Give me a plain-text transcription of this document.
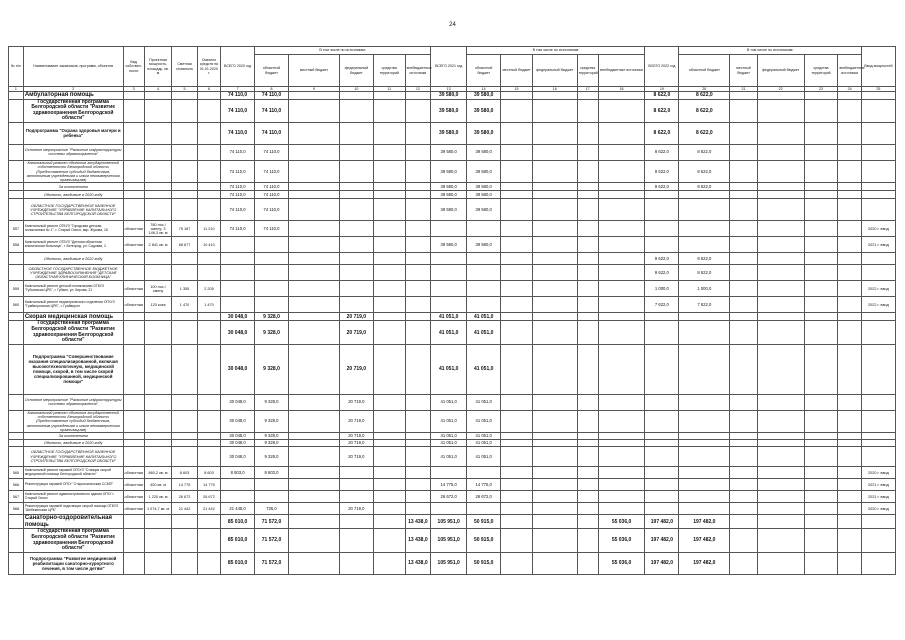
24
№ п/п	Наименование заказчиков, программ, объектов	Вид собствен-ности	Проектная мощность, площадь, кв. м	Сметная стоимость	Освоено средств на 01.01.2020 г.	ВСЕГО 2020 год	В том числе по источникам:					ВСЕГО 2021 год	В том числе по источникам:					ВСЕГО 2022 год	В том числе по источникам:					Ввод мощностей
							областной бюджет	местный бюджет	федеральный бюджет	средства территорий	внебюджетные источники		областной бюджет	местный бюджет	федеральный бюджет	средства территорий	внебюджетные источники		областной бюджет	местный бюджет	федеральный бюджет	средства территорий	внебюджетные источники	
1	2	3	4	5	6	7	8	9	10	11	12	13	14	15	16	17	18	19	20	21	22	23	24	25
	Амбулаторная помощь					74 110,0	74 110,0					39 580,0	39 580,0					8 622,0	8 622,0					
	Государственная программа Белгородской области "Развитие здравоохранения Белгородской области"					74 110,0	74 110,0					39 580,0	39 580,0					8 622,0	8 622,0					
	Подпрограмма "Охрана здоровья матери и ребенка"					74 110,0	74 110,0					39 580,0	39 580,0					8 622,0	8 622,0					
	Основное мероприятие "Развитие инфраструктуры системы здравоохранения"					74 110,0	74 110,0					39 580,0	39 580,0					8 622,0	8 622,0					
	Капитальный ремонт объектов государственной собственности Белгородской области (Предоставление субсидий бюджетным, автономным учреждениям и иным некоммерческим организациям)					74 110,0	74 110,0					39 580,0	39 580,0					8 622,0	8 622,0					
	За исключением					74 110,0	74 110,0					39 580,0	39 580,0					8 622,0	8 622,0					
	Объекты, вводимые в 2020 году					74 110,0	74 110,0					39 580,0	39 580,0											
	ОБЛАСТНОЕ ГОСУДАРСТВЕННОЕ КАЗЕННОЕ УЧРЕЖДЕНИЕ "УПРАВЛЕНИЕ КАПИТАЛЬНОГО СТРОИТЕЛЬСТВА БЕЛГОРОДСКОЙ ОБЛАСТИ"					74 110,0	74 110,0					39 580,0	39 580,0											
557	Капитальный ремонт ОГБУЗ "Городская детская поликлиника № 1", г. Старый Оскол, мкр. Жукова, 18	областная	780 пос./смену; 3 146,3 кв. м	75 187	11 210	74 110,0	74 110,0																	2020 г. ввод
558	Капитальный ремонт ОГБУЗ "Детская областная клиническая больница", г. Белгород, ул. Садовая, 2	областная	2 841 кв. м	68 677	10 410							39 580,0	39 580,0											2021 г. ввод
	Объекты, вводимые в 2022 году																	8 622,0	8 622,0					
	ОБЛАСТНОЕ ГОСУДАРСТВЕННОЕ БЮДЖЕТНОЕ УЧРЕЖДЕНИЕ ЗДРАВООХРАНЕНИЯ "ДЕТСКАЯ ОБЛАСТНАЯ КЛИНИЧЕСКАЯ БОЛЬНИЦА"																	8 622,0	8 622,0					
559	Капитальный ремонт детской поликлиники ОГБУЗ "Губкинская ЦРБ", г. Губкин, ул. Кирова, 21	областная	100 пос./смену	1 355	2 205													1 000,0	1 000,0					2022 г. ввод
560	Капитальный ремонт педиатрического отделения ОГБУЗ "Грайворонская ЦРБ", г. Грайворон	областная	120 коек	1 470	1 470													7 622,0	7 622,0					2022 г. ввод
	Скорая медицинская помощь					30 048,0	9 328,0		20 719,0			41 051,0	41 051,0											
	Государственная программа Белгородской области "Развитие здравоохранения Белгородской области"					30 048,0	9 328,0		20 719,0			41 051,0	41 051,0											
	Подпрограмма "Совершенствование оказания специализированной, включая высокотехнологичную, медицинской помощи, скорой, в том числе скорой специализированной, медицинской помощи"					30 048,0	9 328,0		20 719,0			41 051,0	41 051,0											
	Основное мероприятие "Развитие инфраструктуры системы здравоохранения"					30 048,0	9 328,0		20 719,0			41 051,0	41 051,0											
	Капитальный ремонт объектов государственной собственности Белгородской области (Предоставление субсидий бюджетным, автономным учреждениям и иным некоммерческим организациям)					30 048,0	9 328,0		20 719,0			41 051,0	41 051,0											
	За исключением					30 048,0	9 328,0		20 719,0			41 051,0	41 051,0											
	Объекты, вводимые в 2020 году					30 048,0	9 328,0		20 719,0			41 051,0	41 051,0											
	ОБЛАСТНОЕ ГОСУДАРСТВЕННОЕ КАЗЕННОЕ УЧРЕЖДЕНИЕ "УПРАВЛЕНИЕ КАПИТАЛЬНОГО СТРОИТЕЛЬСТВА БЕЛГОРОДСКОЙ ОБЛАСТИ"					30 048,0	9 328,0		20 719,0			41 051,0	41 051,0											
565	Капитальный ремонт гаражей ОГБУЗ "Станция скорой медицинской помощи Белгородской области"	областная	860,2 кв. м	8 603	8 603	8 603,0	8 603,0																	2020 г. ввод
566	Реконструкция гаражей ОГБУ "Старооскольская ССМП"	областная	400 кв. м	14 775	14 775							14 775,0	14 775,0											2021 г. ввод
567	Капитальный ремонт административного здания ОГБУ г. Старый Оскол	областная	1 220 кв. м	26 672	26 672							26 672,0	26 672,0											2021 г. ввод
568	Реконструкция гаражей подстанции скорой помощи ОГБУЗ "Шебекинская ЦРБ"	областная	1 074,7 кв. м	21 442	21 442	21 445,0	725,0		20 719,0															2020 г. ввод
	Санаторно-оздоровительная помощь					85 010,0	71 572,0				13 438,0	105 951,0	50 915,0				55 036,0	197 482,0	197 482,0					
	Государственная программа Белгородской области "Развитие здравоохранения Белгородской области"					85 010,0	71 572,0				13 438,0	105 951,0	50 915,0				55 036,0	197 482,0	197 482,0					
	Подпрограмма "Развитие медицинской реабилитации санаторно-курортного лечения, в том числе детям"					85 010,0	71 572,0				13 438,0	105 951,0	50 915,0				55 036,0	197 482,0	197 482,0					
